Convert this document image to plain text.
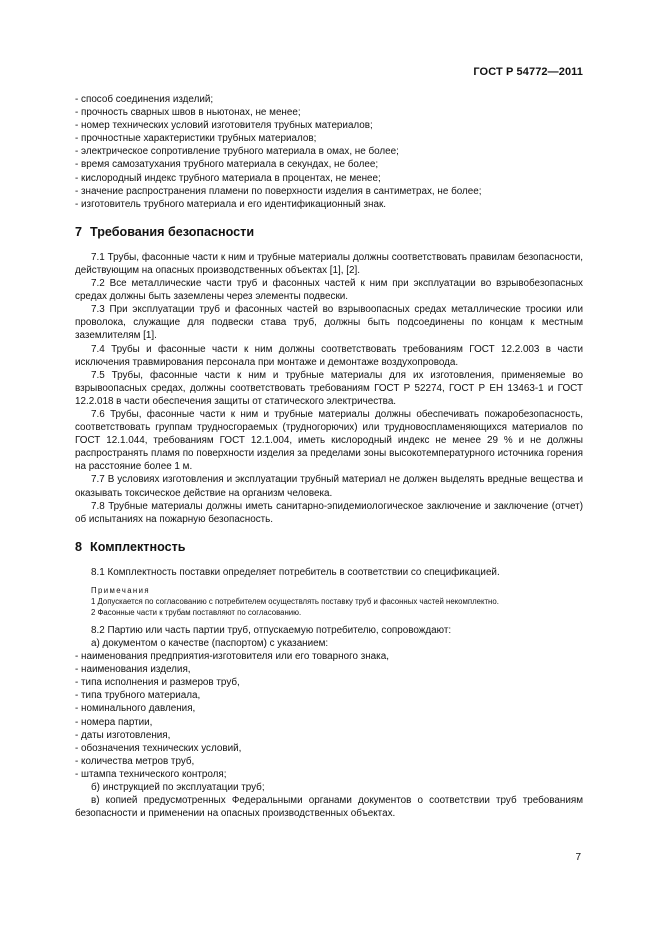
ГОСТ Р 54772—2011
- способ соединения изделий;
- прочность сварных швов в ньютонах, не менее;
- номер технических условий изготовителя трубных материалов;
- прочностные характеристики трубных материалов;
- электрическое сопротивление трубного материала в омах, не более;
- время самозатухания трубного материала в секундах, не более;
- кислородный индекс трубного материала в процентах, не менее;
- значение распространения пламени по поверхности изделия в сантиметрах, не более;
- изготовитель трубного материала и его идентификационный знак.
7 Требования безопасности
7.1 Трубы, фасонные части к ним и трубные материалы должны соответствовать правилам безопасности, действующим на опасных производственных объектах [1], [2].
7.2 Все металлические части труб и фасонных частей к ним при эксплуатации во взрывобезопасных средах должны быть заземлены через элементы подвески.
7.3 При эксплуатации труб и фасонных частей во взрывоопасных средах металлические тросики или проволока, служащие для подвески става труб, должны быть подсоединены по концам к местным заземлителям [1].
7.4 Трубы и фасонные части к ним должны соответствовать требованиям ГОСТ 12.2.003 в части исключения травмирования персонала при монтаже и демонтаже воздухопровода.
7.5 Трубы, фасонные части к ним и трубные материалы для их изготовления, применяемые во взрывоопасных средах, должны соответствовать требованиям ГОСТ Р 52274, ГОСТ Р ЕН 13463-1 и ГОСТ 12.2.018 в части обеспечения защиты от статического электричества.
7.6 Трубы, фасонные части к ним и трубные материалы должны обеспечивать пожаробезопасность, соответствовать группам трудносгораемых (трудногорючих) или трудновоспламеняющихся материалов по ГОСТ 12.1.044, требованиям ГОСТ 12.1.004, иметь кислородный индекс не менее 29 % и не должны распространять пламя по поверхности изделия за пределами зоны высокотемпературного источника горения на расстояние более 1 м.
7.7 В условиях изготовления и эксплуатации трубный материал не должен выделять вредные вещества и оказывать токсическое действие на организм человека.
7.8 Трубные материалы должны иметь санитарно-эпидемиологическое заключение и заключение (отчет) об испытаниях на пожарную безопасность.
8 Комплектность
8.1 Комплектность поставки определяет потребитель в соответствии со спецификацией.
Примечания
1 Допускается по согласованию с потребителем осуществлять поставку труб и фасонных частей некомплектно.
2 Фасонные части к трубам поставляют по согласованию.
8.2 Партию или часть партии труб, отпускаемую потребителю, сопровождают:
а) документом о качестве (паспортом) с указанием:
- наименования предприятия-изготовителя или его товарного знака,
- наименования изделия,
- типа исполнения и размеров труб,
- типа трубного материала,
- номинального давления,
- номера партии,
- даты изготовления,
- обозначения технических условий,
- количества метров труб,
- штампа технического контроля;
б) инструкцией по эксплуатации труб;
в) копией предусмотренных Федеральными органами документов о соответствии труб требованиям безопасности и применении на опасных производственных объектах.
7
